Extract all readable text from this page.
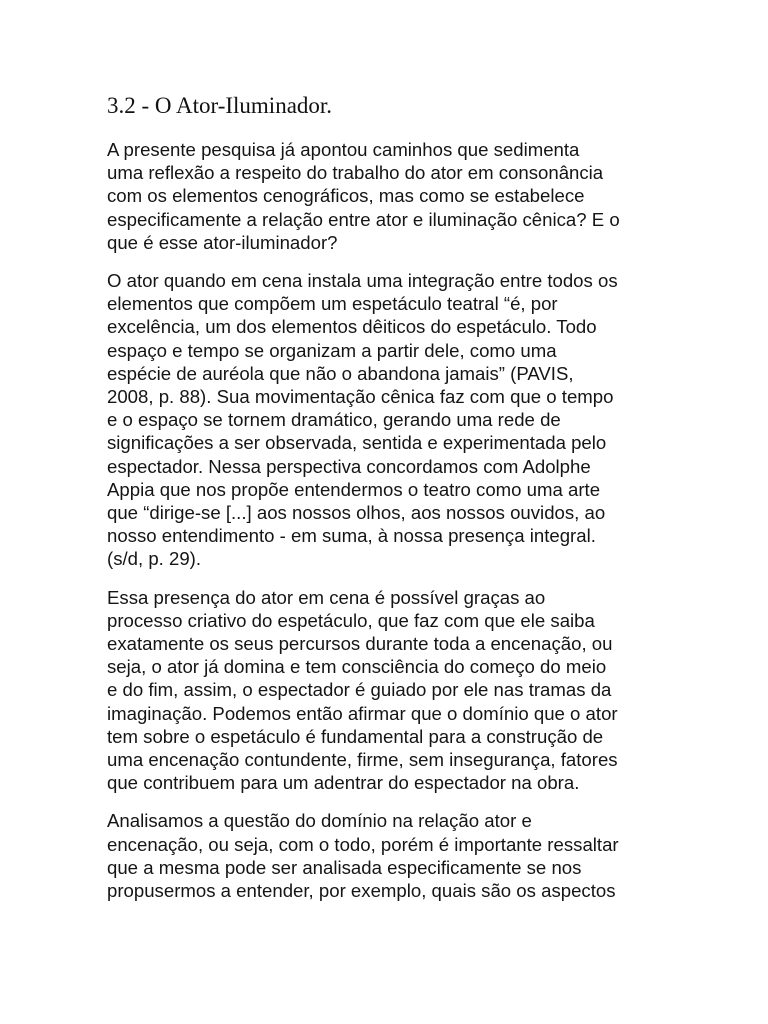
3.2 - O Ator-Iluminador.

A presente pesquisa já apontou caminhos que sedimenta
uma reflexão a respeito do trabalho do ator em consonância
com os elementos cenográficos, mas como se estabelece
especificamente a relação entre ator e iluminação cênica? E o
que é esse ator-iluminador?

O ator quando em cena instala uma integração entre todos os
elementos que compõem um espetáculo teatral “é, por
excelência, um dos elementos dêiticos do espetáculo. Todo
espaço e tempo se organizam a partir dele, como uma
espécie de auréola que não o abandona jamais” (PAVIS,
2008, p. 88). Sua movimentação cênica faz com que o tempo
e o espaço se tornem dramático, gerando uma rede de
significações a ser observada, sentida e experimentada pelo
espectador. Nessa perspectiva concordamos com Adolphe
Appia que nos propõe entendermos o teatro como uma arte
que “dirige-se [...] aos nossos olhos, aos nossos ouvidos, ao
nosso entendimento - em suma, à nossa presença integral.
(s/d, p. 29).

Essa presença do ator em cena é possível graças ao
processo criativo do espetáculo, que faz com que ele saiba
exatamente os seus percursos durante toda a encenação, ou
seja, o ator já domina e tem consciência do começo do meio
e do fim, assim, o espectador é guiado por ele nas tramas da
imaginação. Podemos então afirmar que o domínio que o ator
tem sobre o espetáculo é fundamental para a construção de
uma encenação contundente, firme, sem insegurança, fatores
que contribuem para um adentrar do espectador na obra.

Analisamos a questão do domínio na relação ator e
encenação, ou seja, com o todo, porém é importante ressaltar
que a mesma pode ser analisada especificamente se nos
propusermos a entender, por exemplo, quais são os aspectos
